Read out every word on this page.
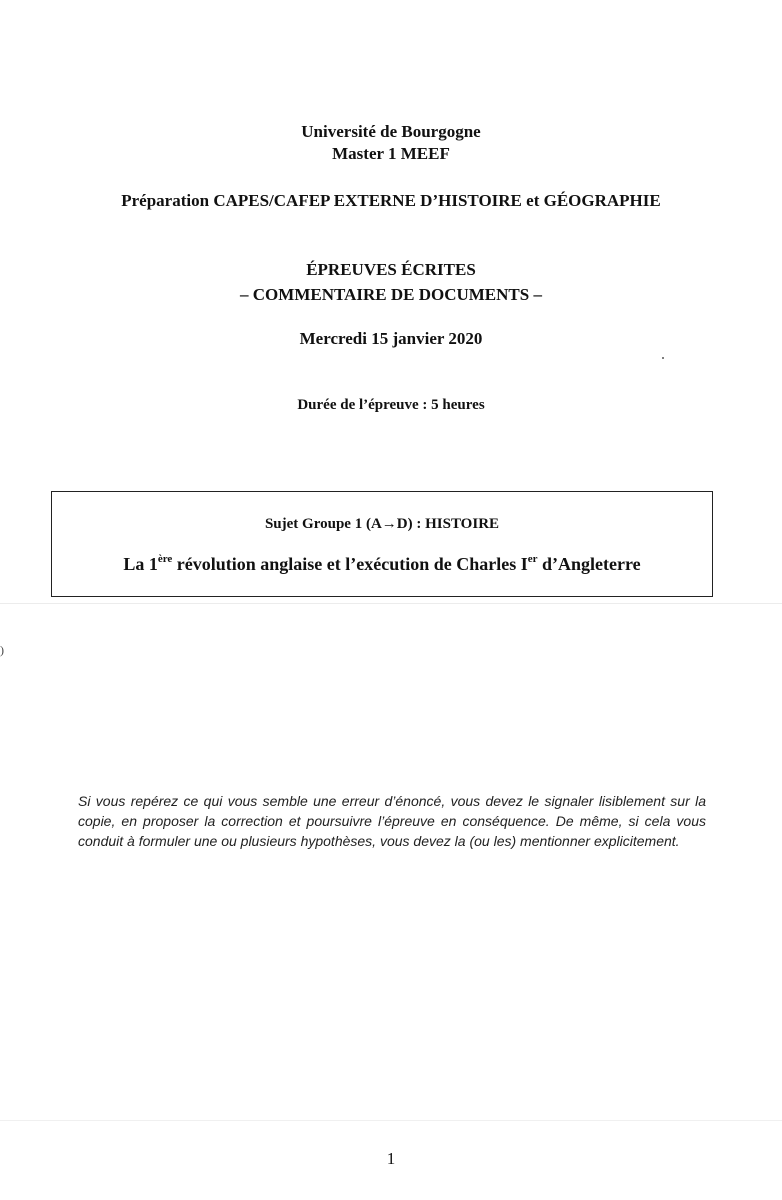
Université de Bourgogne
Master 1 MEEF
Préparation CAPES/CAFEP EXTERNE D’HISTOIRE et GÉOGRAPHIE
ÉPREUVES ÉCRITES
– COMMENTAIRE DE DOCUMENTS –
Mercredi 15 janvier 2020
Durée de l’épreuve : 5 heures
Sujet Groupe 1 (A→D) : HISTOIRE
La 1ère révolution anglaise et l’exécution de Charles Ier d’Angleterre
)
Si vous repérez ce qui vous semble une erreur d’énoncé, vous devez le signaler lisiblement sur la copie, en proposer la correction et poursuivre l’épreuve en conséquence. De même, si cela vous conduit à formuler une ou plusieurs hypothèses, vous devez la (ou les) mentionner explicitement.
1
